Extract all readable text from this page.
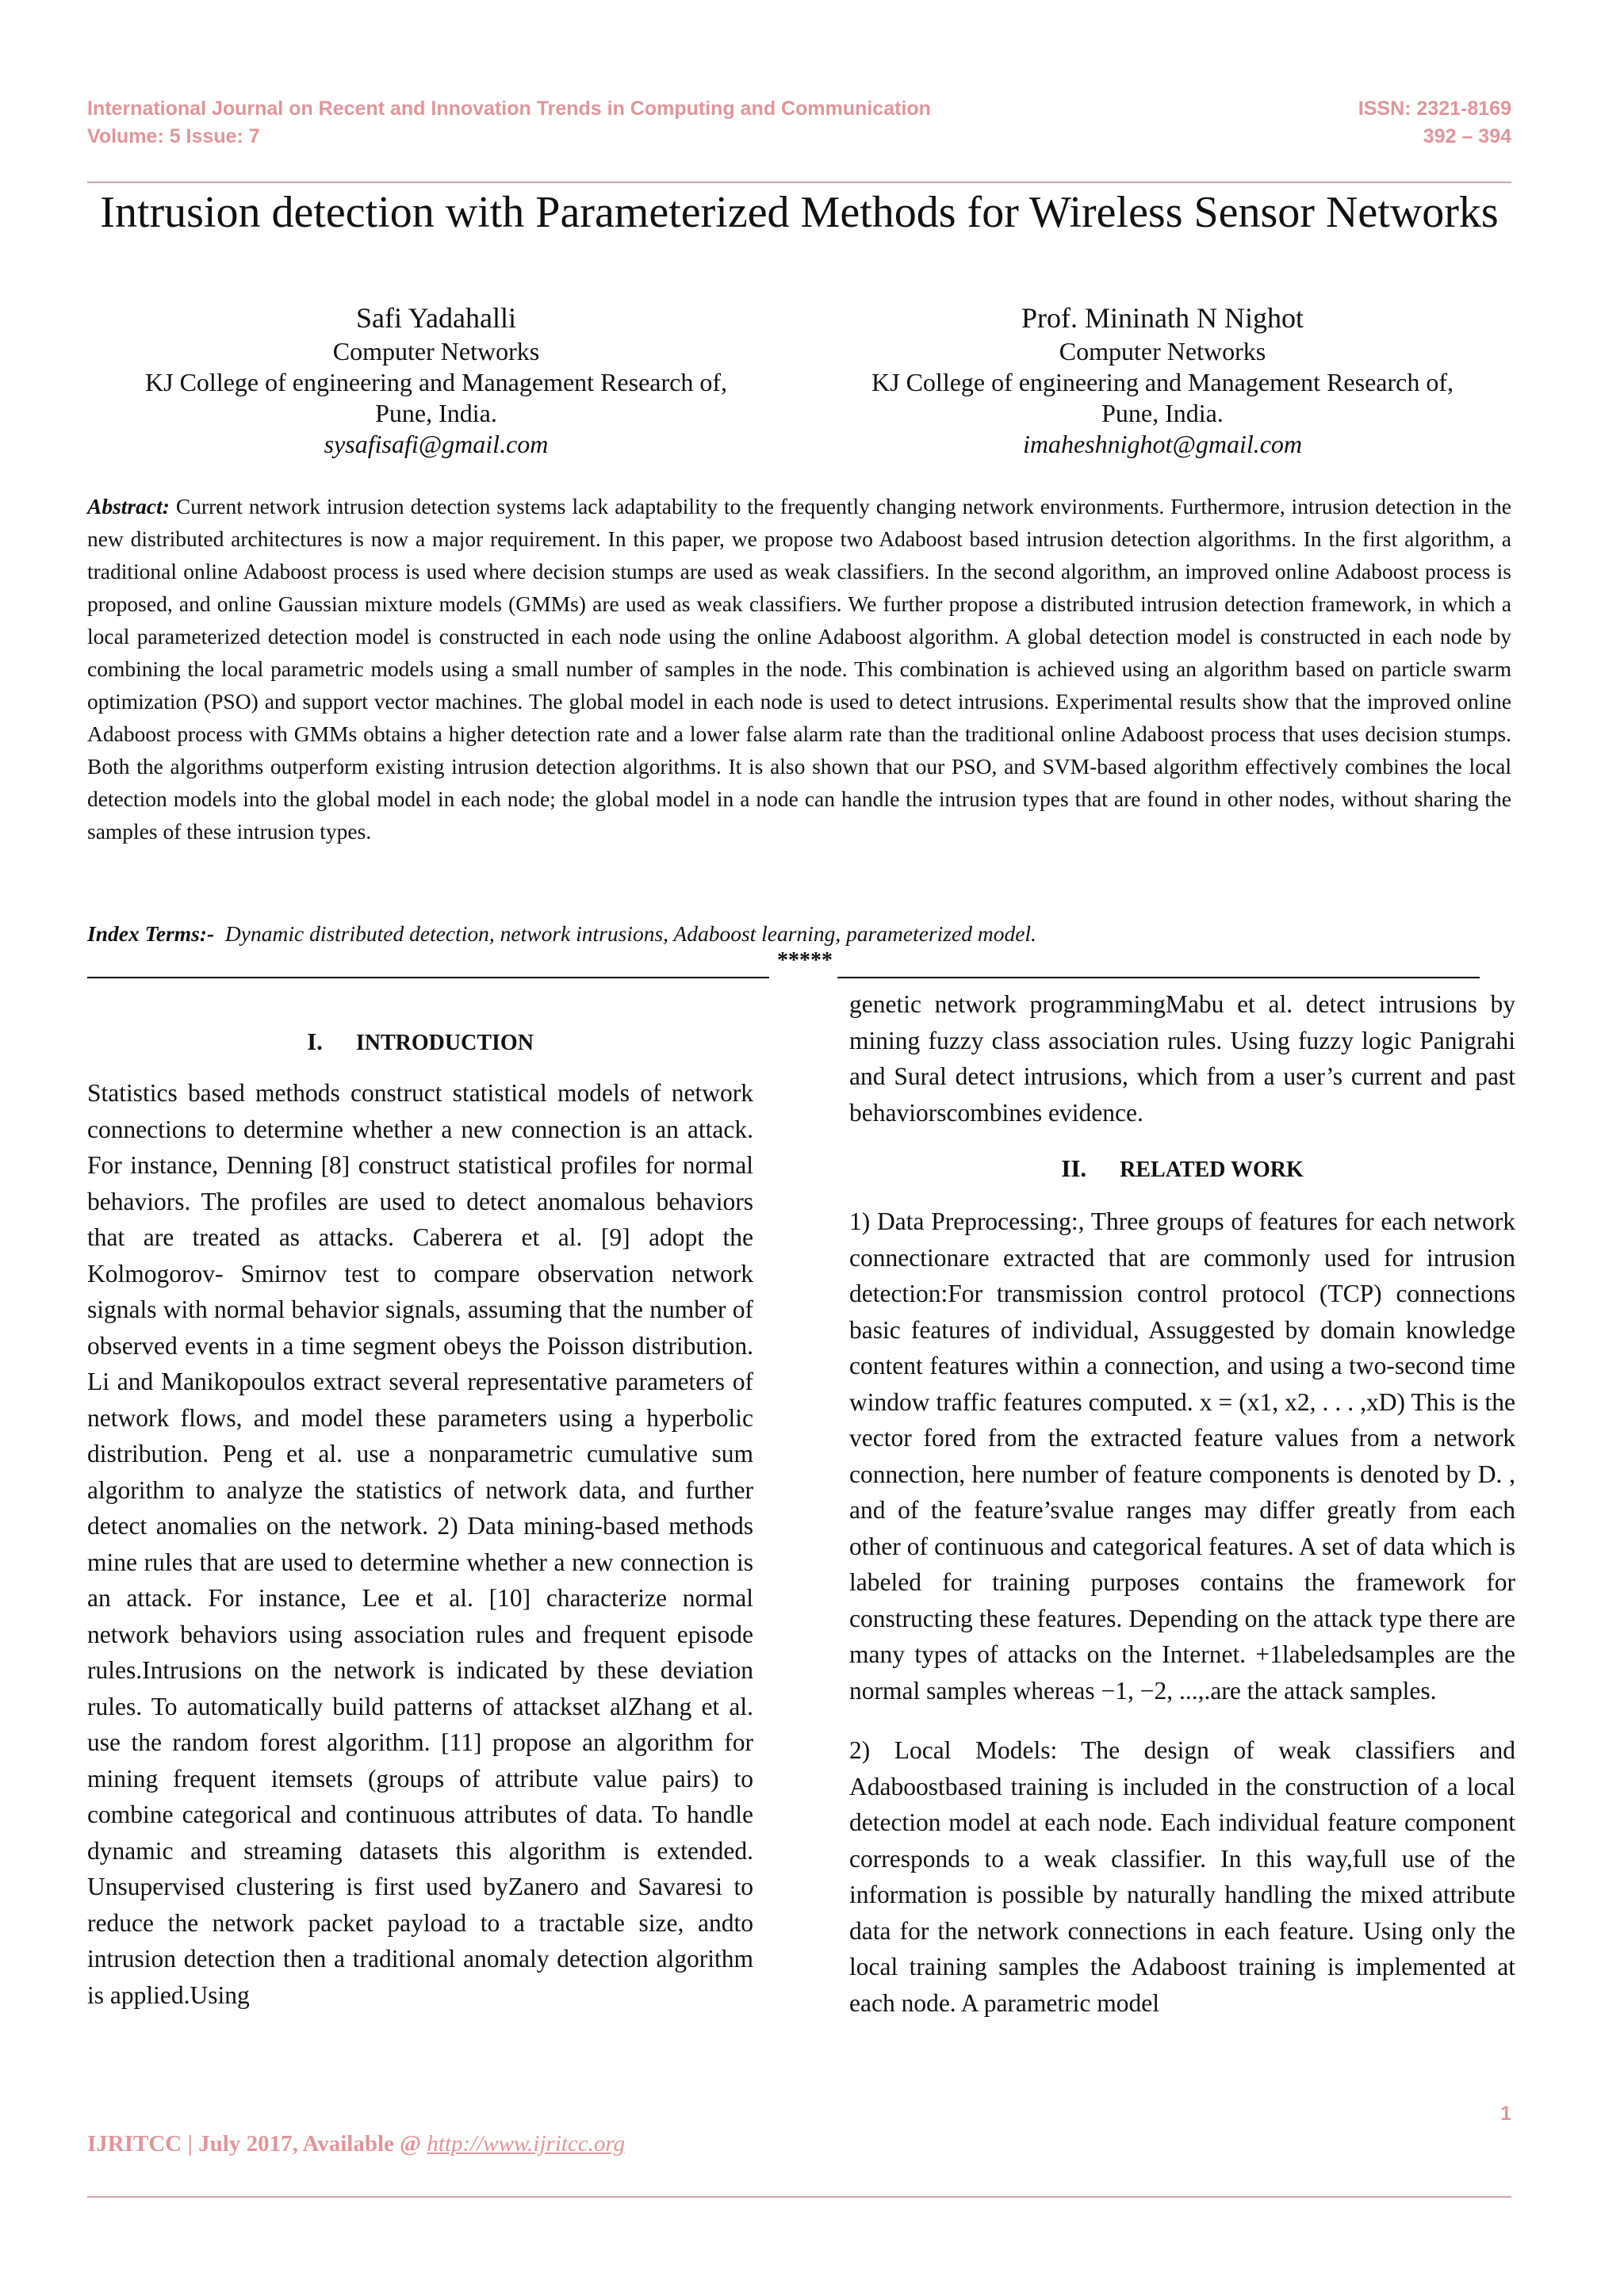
International Journal on Recent and Innovation Trends in Computing and Communication	ISSN: 2321-8169
Volume: 5 Issue: 7	392 – 394
Intrusion detection with Parameterized Methods for Wireless Sensor Networks
Safi Yadahalli
Computer Networks
KJ College of engineering and Management Research of,
Pune, India.
sysafisafi@gmail.com
Prof. Mininath N Nighot
Computer Networks
KJ College of engineering and Management Research of,
Pune, India.
imaheshnighot@gmail.com

Abstract: Current network intrusion detection systems lack adaptability to the frequently changing network environments. Furthermore, intrusion detection in the new distributed architectures is now a major requirement. In this paper, we propose two Adaboost based intrusion detection algorithms. In the first algorithm, a traditional online Adaboost process is used where decision stumps are used as weak classifiers. In the second algorithm, an improved online Adaboost process is proposed, and online Gaussian mixture models (GMMs) are used as weak classifiers. We further propose a distributed intrusion detection framework, in which a local parameterized detection model is constructed in each node using the online Adaboost algorithm. A global detection model is constructed in each node by combining the local parametric models using a small number of samples in the node. This combination is achieved using an algorithm based on particle swarm optimization (PSO) and support vector machines. The global model in each node is used to detect intrusions. Experimental results show that the improved online Adaboost process with GMMs obtains a higher detection rate and a lower false alarm rate than the traditional online Adaboost process that uses decision stumps. Both the algorithms outperform existing intrusion detection algorithms. It is also shown that our PSO, and SVM-based algorithm effectively combines the local detection models into the global model in each node; the global model in a node can handle the intrusion types that are found in other nodes, without sharing the samples of these intrusion types.

Index Terms:- Dynamic distributed detection, network intrusions, Adaboost learning, parameterized model.

*****
I. INTRODUCTION

Statistics based methods construct statistical models of network connections to determine whether a new connection is an attack. For instance, Denning [8] construct statistical profiles for normal behaviors. The profiles are used to detect anomalous behaviors that are treated as attacks. Caberera et al. [9] adopt the Kolmogorov- Smirnov test to compare observation network signals with normal behavior signals, assuming that the number of observed events in a time segment obeys the Poisson distribution. Li and Manikopoulos extract several representative parameters of network flows, and model these parameters using a hyperbolic distribution. Peng et al. use a nonparametric cumulative sum algorithm to analyze the statistics of network data, and further detect anomalies on the network. 2) Data mining-based methods mine rules that are used to determine whether a new connection is an attack. For instance, Lee et al. [10] characterize normal network behaviors using association rules and frequent episode rules.Intrusions on the network is indicated by these deviation rules. To automatically build patterns of attackset alZhang et al. use the random forest algorithm. [11] propose an algorithm for mining frequent itemsets (groups of attribute value pairs) to combine categorical and continuous attributes of data. To handle dynamic and streaming datasets this algorithm is extended. Unsupervised clustering is first used byZanero and Savaresi to reduce the network packet payload to a tractable size, andto intrusion detection then a traditional anomaly detection algorithm is applied.Using

genetic network programmingMabu et al. detect intrusions by mining fuzzy class association rules. Using fuzzy logic Panigrahi and Sural detect intrusions, which from a user’s current and past behaviorscombines evidence.

II. RELATED WORK

1) Data Preprocessing:, Three groups of features for each network connectionare extracted that are commonly used for intrusion detection:For transmission control protocol (TCP) connections basic features of individual, Assuggested by domain knowledge content features within a connection, and using a two-second time window traffic features computed. x = (x1, x2, . . . ,xD) This is the vector fored from the extracted feature values from a network connection, here number of feature components is denoted by D. , and of the feature’svalue ranges may differ greatly from each other of continuous and categorical features. A set of data which is labeled for training purposes contains the framework for constructing these features. Depending on the attack type there are many types of attacks on the Internet. +1labeledsamples are the normal samples whereas −1, −2, ...,.are the attack samples.

2) Local Models: The design of weak classifiers and Adaboostbased training is included in the construction of a local detection model at each node. Each individual feature component corresponds to a weak classifier. In this way,full use of the information is possible by naturally handling the mixed attribute data for the network connections in each feature. Using only the local training samples the Adaboost training is implemented at each node. A parametric model

1
IJRITCC | July 2017, Available @ http://www.ijritcc.org
